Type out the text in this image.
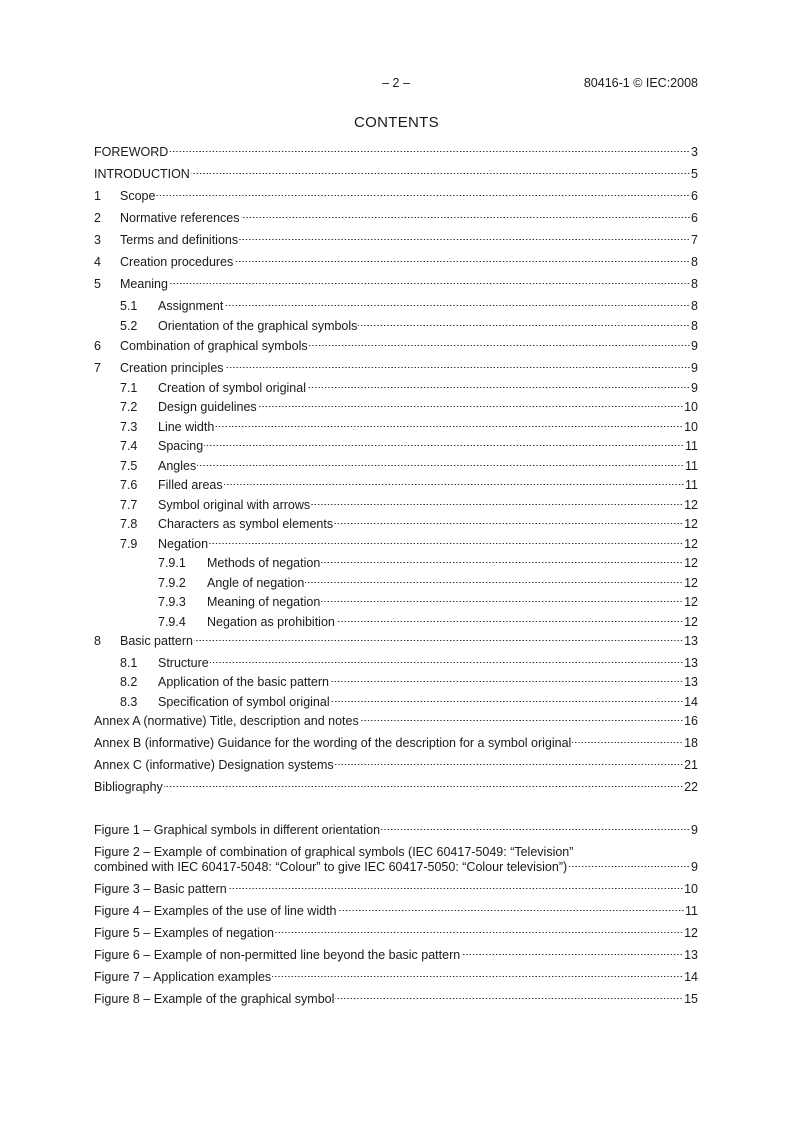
– 2 –	80416-1 © IEC:2008
CONTENTS
FOREWORD	3
INTRODUCTION	5
1	Scope	6
2	Normative references	6
3	Terms and definitions	7
4	Creation procedures	8
5	Meaning	8
5.1	Assignment	8
5.2	Orientation of the graphical symbols	8
6	Combination of graphical symbols	9
7	Creation principles	9
7.1	Creation of symbol original	9
7.2	Design guidelines	10
7.3	Line width	10
7.4	Spacing	11
7.5	Angles	11
7.6	Filled areas	11
7.7	Symbol original with arrows	12
7.8	Characters as symbol elements	12
7.9	Negation	12
7.9.1	Methods of negation	12
7.9.2	Angle of negation	12
7.9.3	Meaning of negation	12
7.9.4	Negation as prohibition	12
8	Basic pattern	13
8.1	Structure	13
8.2	Application of the basic pattern	13
8.3	Specification of symbol original	14
Annex A (normative) Title, description and notes	16
Annex B (informative) Guidance for the wording of the description for a symbol original	18
Annex C (informative) Designation systems	21
Bibliography	22
Figure 1 – Graphical symbols in different orientation	9
Figure 2 – Example of combination of graphical symbols (IEC 60417-5049: “Television”
combined with IEC 60417-5048: “Colour” to give IEC 60417-5050: “Colour television”)	9
Figure 3 – Basic pattern	10
Figure 4 – Examples of the use of line width	11
Figure 5 – Examples of negation	12
Figure 6 – Example of non-permitted line beyond the basic pattern	13
Figure 7 – Application examples	14
Figure 8 – Example of the graphical symbol	15
